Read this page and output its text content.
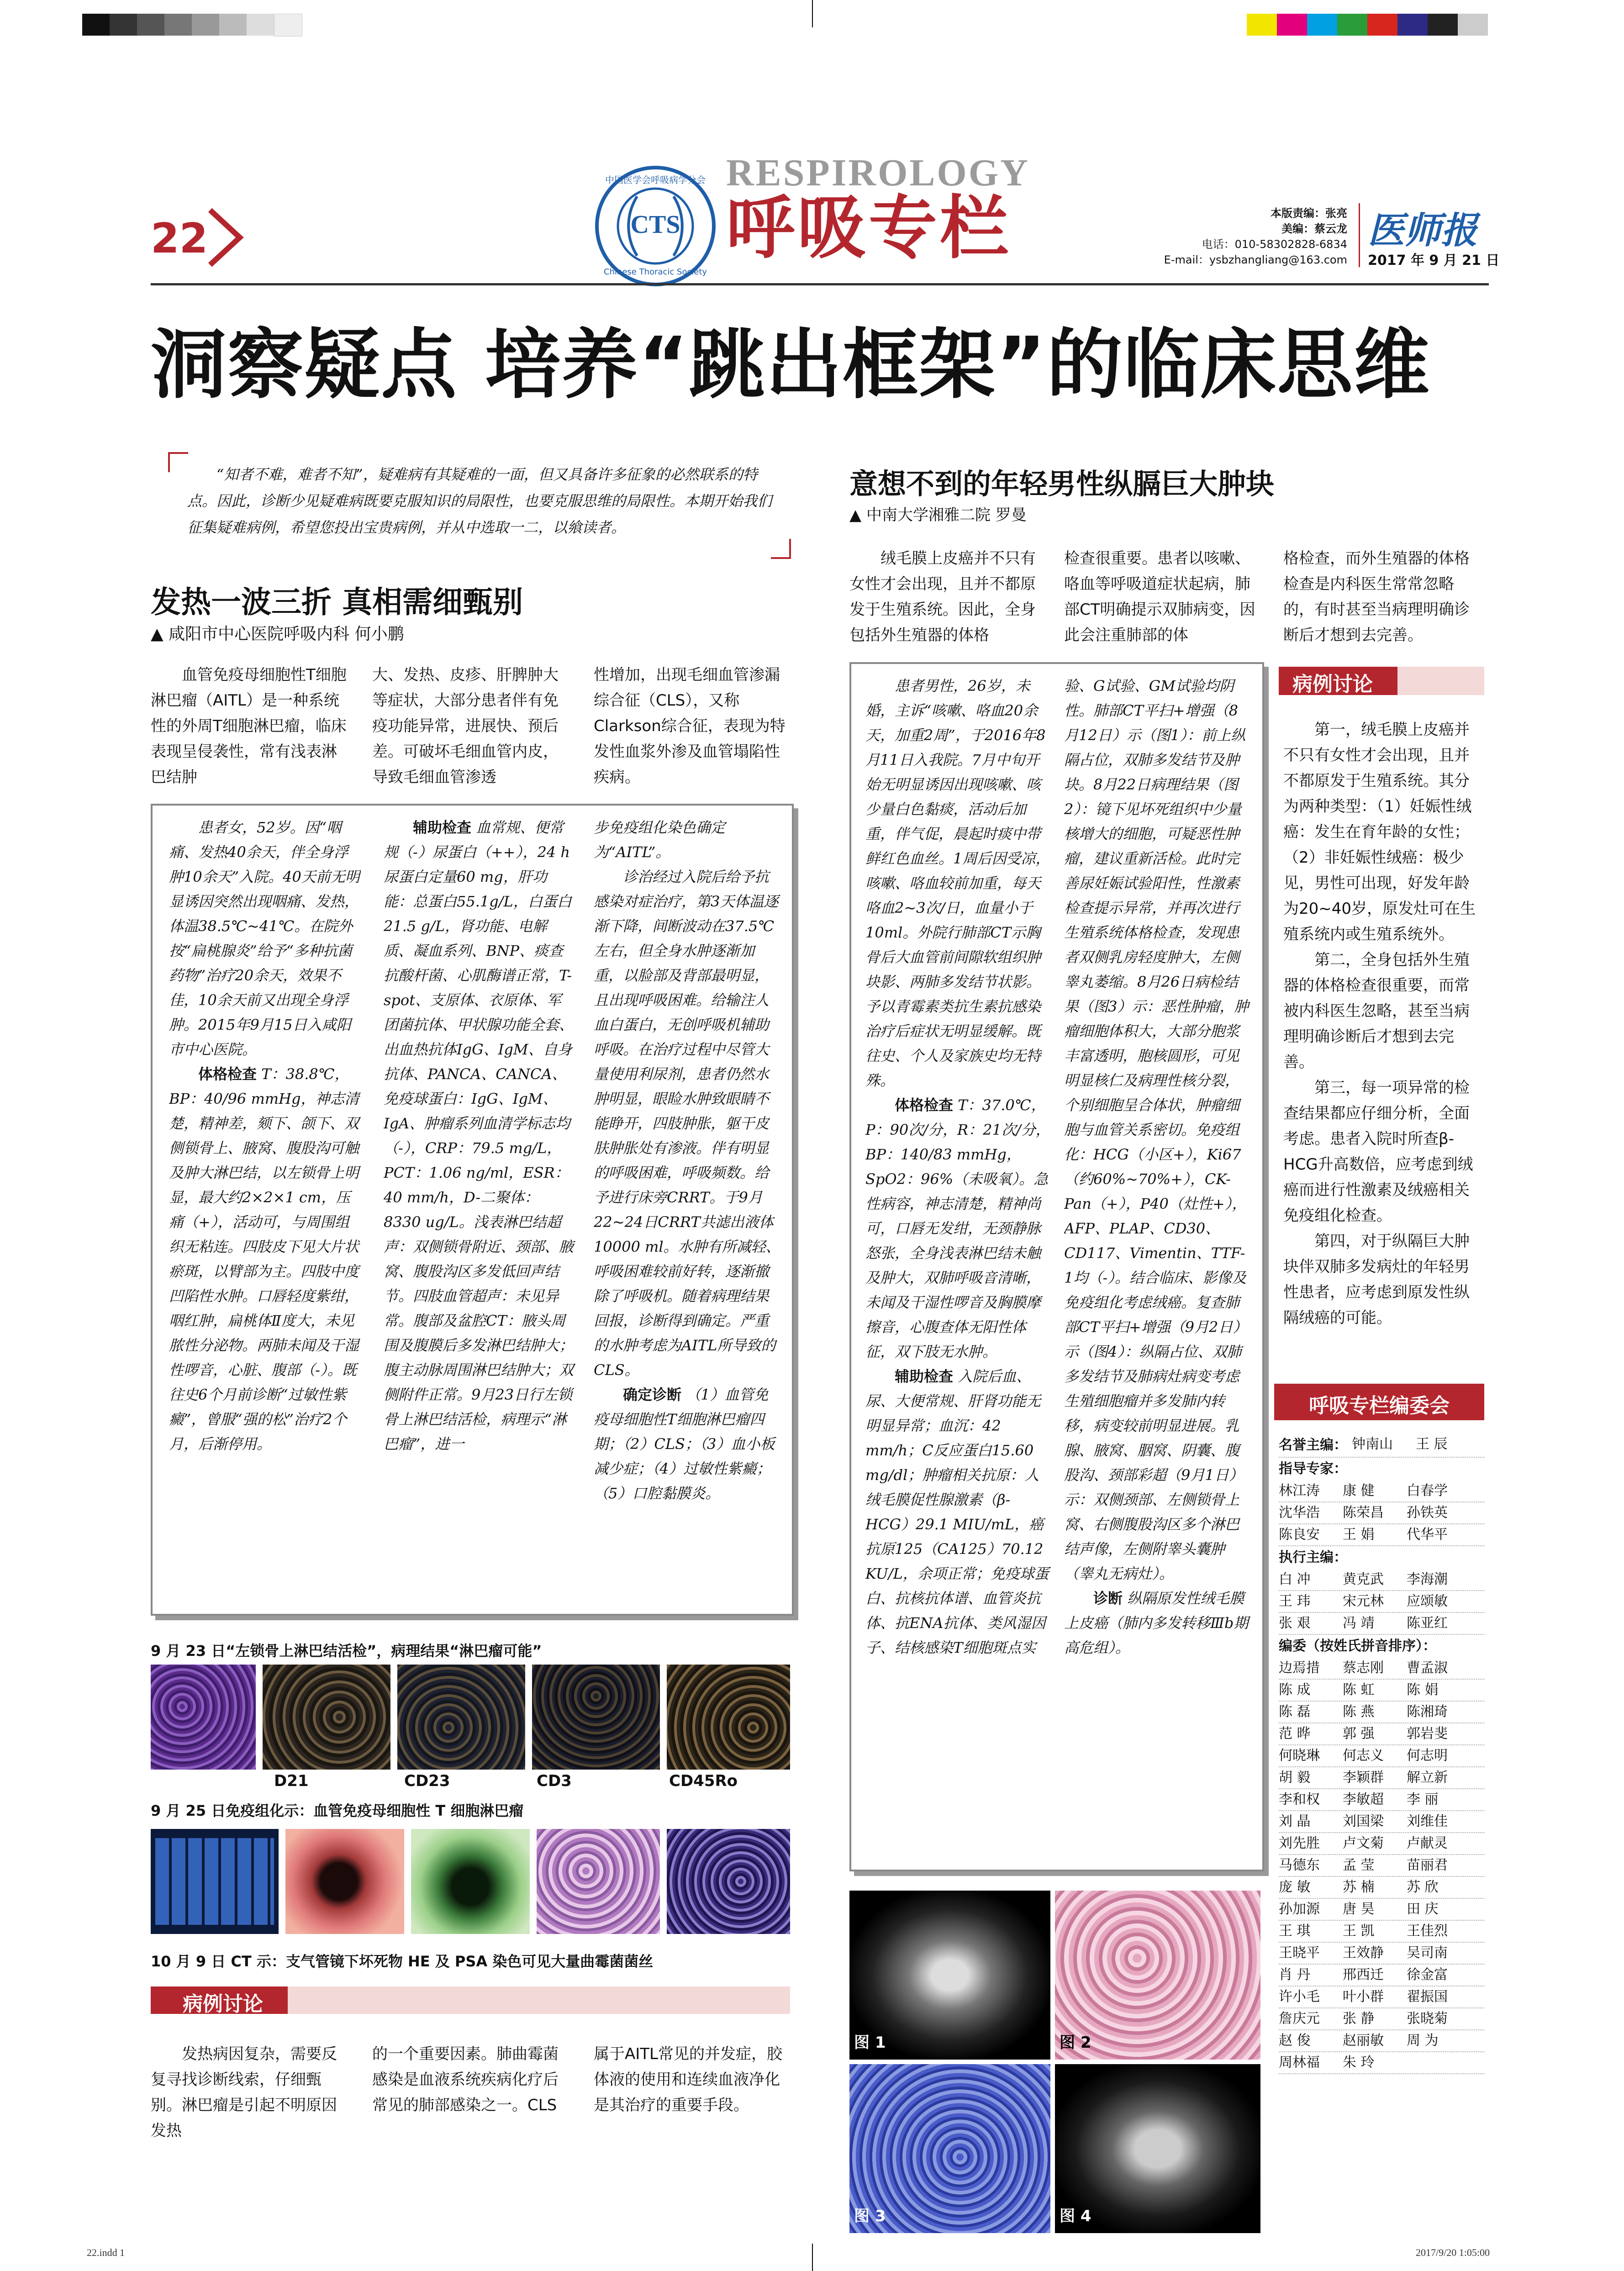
22	CTS
中国医学会呼吸病学分会
Chinese Thoracic Society
RESPIROLOGY
呼吸专栏	本版责编：张亮
美编：蔡云龙
电话：010-58302828-6834
E-mail：ysbzhangliang@163.com
医师报
2017 年 9 月 21 日
洞察疑点 培养“跳出框架”的临床思维
“知者不难，难者不知”，疑难病有其疑难的一面，但又具备许多征象的必然联系的特点。因此，诊断少见疑难病既要克服知识的局限性，也要克服思维的局限性。本期开始我们征集疑难病例，希望您投出宝贵病例，并从中选取一二，以飨读者。
发热一波三折 真相需细甄别
▲ 咸阳市中心医院呼吸内科 何小鹏

血管免疫母细胞性T细胞淋巴瘤（AITL）是一种系统性的外周T细胞淋巴瘤，临床表现呈侵袭性，常有浅表淋巴结肿

大、发热、皮疹、肝脾肿大等症状，大部分患者伴有免疫功能异常，进展快、预后差。可破坏毛细血管内皮，导致毛细血管渗透

性增加，出现毛细血管渗漏综合征（CLS），又称Clarkson综合征，表现为特发性血浆外渗及血管塌陷性疾病。

患者女，52岁。因“咽痛、发热40余天，伴全身浮肿10余天”入院。40天前无明显诱因突然出现咽痛、发热，体温38.5℃~41℃。在院外按“扁桃腺炎”给予“多种抗菌药物”治疗20余天，效果不佳，10余天前又出现全身浮肿。2015年9月15日入咸阳市中心医院。

体格检查 T：38.8℃，BP：40/96 mmHg，神志清楚，精神差，颏下、颌下、双侧锁骨上、腋窝、腹股沟可触及肿大淋巴结，以左锁骨上明显，最大约2×2×1 cm，压痛（+），活动可，与周围组织无粘连。四肢皮下见大片状瘀斑，以臂部为主。四肢中度凹陷性水肿。口唇轻度紫绀，咽红肿，扁桃体Ⅱ度大，未见脓性分泌物。两肺未闻及干湿性啰音，心脏、腹部（-）。既往史6个月前诊断“过敏性紫癜”，曾服“强的松”治疗2个月，后渐停用。

辅助检查 血常规、便常规（-）尿蛋白（++），24 h尿蛋白定量60 mg，肝功能：总蛋白55.1g/L，白蛋白21.5 g/L，肾功能、电解质、凝血系列、BNP、痰查抗酸杆菌、心肌酶谱正常，T-spot、支原体、衣原体、军团菌抗体、甲状腺功能全套、出血热抗体IgG、IgM、自身抗体、PANCA、CANCA、免疫球蛋白：IgG、IgM、IgA、肿瘤系列血清学标志均（-），CRP：79.5 mg/L，PCT：1.06 ng/ml，ESR：40 mm/h，D-二聚体：8330 ug/L。浅表淋巴结超声：双侧锁骨附近、颈部、腋窝、腹股沟区多发低回声结节。四肢血管超声：未见异常。腹部及盆腔CT：腋头周围及腹膜后多发淋巴结肿大；腹主动脉周围淋巴结肿大；双侧附件正常。9月23日行左锁骨上淋巴结活检，病理示“淋巴瘤”，进一

步免疫组化染色确定为“AITL”。

诊治经过入院后给予抗感染对症治疗，第3天体温逐渐下降，间断波动在37.5℃左右，但全身水肿逐渐加重，以脸部及背部最明显，且出现呼吸困难。给输注人血白蛋白，无创呼吸机辅助呼吸。在治疗过程中尽管大量使用利尿剂，患者仍然水肿明显，眼睑水肿致眼睛不能睁开，四肢肿胀，躯干皮肤肿胀处有渗液。伴有明显的呼吸困难，呼吸频数。给予进行床旁CRRT。于9月22~24日CRRT共滤出液体10000 ml。水肿有所减轻、呼吸困难较前好转，逐渐撤除了呼吸机。随着病理结果回报，诊断得到确定。严重的水肿考虑为AITL所导致的CLS。

确定诊断 （1）血管免疫母细胞性T细胞淋巴瘤四期；（2）CLS；（3）血小板减少症；（4）过敏性紫癜；（5）口腔黏膜炎。

9 月 23 日“左锁骨上淋巴结活检”，病理结果“淋巴瘤可能”
D21	CD23	CD3	CD45Ro
9 月 25 日免疫组化示：血管免疫母细胞性 T 细胞淋巴瘤
10 月 9 日 CT 示：支气管镜下坏死物 HE 及 PSA 染色可见大量曲霉菌菌丝
病例讨论

发热病因复杂，需要反复寻找诊断线索，仔细甄别。淋巴瘤是引起不明原因发热

的一个重要因素。肺曲霉菌感染是血液系统疾病化疗后常见的肺部感染之一。CLS

属于AITL常见的并发症，胶体液的使用和连续血液净化是其治疗的重要手段。

意想不到的年轻男性纵膈巨大肿块
▲ 中南大学湘雅二院 罗曼

绒毛膜上皮癌并不只有女性才会出现，且并不都原发于生殖系统。因此，全身包括外生殖器的体格

检查很重要。患者以咳嗽、咯血等呼吸道症状起病，肺部CT明确提示双肺病变，因此会注重肺部的体

格检查，而外生殖器的体格检查是内科医生常常忽略的，有时甚至当病理明确诊断后才想到去完善。

患者男性，26岁，未婚，主诉“咳嗽、咯血20余天，加重2周”，于2016年8月11日入我院。7月中旬开始无明显诱因出现咳嗽、咳少量白色黏痰，活动后加重，伴气促，晨起时痰中带鲜红色血丝。1周后因受凉，咳嗽、咯血较前加重，每天咯血2~3次/日，血量小于10ml。外院行肺部CT示胸骨后大血管前间隙软组织肿块影、两肺多发结节状影。予以青霉素类抗生素抗感染治疗后症状无明显缓解。既往史、个人及家族史均无特殊。

体格检查 T：37.0℃，P：90次/分，R：21次/分，BP：140/83 mmHg，SpO2：96%（未吸氧）。急性病容，神志清楚，精神尚可，口唇无发绀，无颈静脉怒张，全身浅表淋巴结未触及肿大，双肺呼吸音清晰，未闻及干湿性啰音及胸膜摩擦音，心腹查体无阳性体征，双下肢无水肿。

辅助检查 入院后血、尿、大便常规、肝肾功能无明显异常；血沉：42 mm/h；C反应蛋白15.60 mg/dl；肿瘤相关抗原：人绒毛膜促性腺激素（β-HCG）29.1 MIU/mL，癌抗原125（CA125）70.12 KU/L，余项正常；免疫球蛋白、抗核抗体谱、血管炎抗体、抗ENA抗体、类风湿因子、结核感染T细胞斑点实

验、G试验、GM试验均阴性。肺部CT平扫+增强（8月12日）示（图1）：前上纵隔占位，双肺多发结节及肿块。8月22日病理结果（图2）：镜下见坏死组织中少量核增大的细胞，可疑恶性肿瘤，建议重新活检。此时完善尿妊娠试验阳性，性激素检查提示异常，并再次进行生殖系统体格检查，发现患者双侧乳房轻度肿大，左侧睾丸萎缩。8月26日病检结果（图3）示：恶性肿瘤，肿瘤细胞体积大，大部分胞浆丰富透明，胞核圆形，可见明显核仁及病理性核分裂，个别细胞呈合体状，肿瘤细胞与血管关系密切。免疫组化：HCG（小区+），Ki67（约60%~70%+），CK-Pan（+），P40（灶性+），AFP、PLAP、CD30、CD117、Vimentin、TTF-1均（-）。结合临床、影像及免疫组化考虑绒癌。复查肺部CT平扫+增强（9月2日）示（图4）：纵隔占位、双肺多发结节及肺病灶病变考虑生殖细胞瘤并多发肺内转移，病变较前明显进展。乳腺、腋窝、胭窝、阴囊、腹股沟、颈部彩超（9月1日）示：双侧颈部、左侧锁骨上窝、右侧腹股沟区多个淋巴结声像，左侧附睾头囊肿（睾丸无病灶）。

诊断 纵隔原发性绒毛膜上皮癌（肺内多发转移Ⅲb期高危组）。

图 1	图 2
图 3	图 4
病例讨论

第一，绒毛膜上皮癌并不只有女性才会出现，且并不都原发于生殖系统。其分为两种类型：（1）妊娠性绒癌：发生在育年龄的女性；（2）非妊娠性绒癌：极少见，男性可出现，好发年龄为20~40岁，原发灶可在生殖系统内或生殖系统外。

第二，全身包括外生殖器的体格检查很重要，而常被内科医生忽略，甚至当病理明确诊断后才想到去完善。

第三，每一项异常的检查结果都应仔细分析，全面考虑。患者入院时所查β-HCG升高数倍，应考虑到绒癌而进行性激素及绒癌相关免疫组化检查。

第四，对于纵隔巨大肿块伴双肺多发病灶的年轻男性患者，应考虑到原发性纵隔绒癌的可能。

呼吸专栏编委会
名誉主编： 钟南山	王 辰
指导专家：
林江涛	康 健	白春学
沈华浩	陈荣昌	孙铁英
陈良安	王 娟	代华平
执行主编：
白 冲	黄克武	李海潮
王 玮	宋元林	应颂敏
张 艰	冯 靖	陈亚红
编委（按姓氏拼音排序）：
边焉措	蔡志刚	曹孟淑
陈 成	陈 虹	陈 娟
陈 磊	陈 燕	陈湘琦
范 晔	郭 强	郭岩斐
何晓琳	何志义	何志明
胡 毅	李颖群	解立新
李和权	李敏超	李 丽
刘 晶	刘国梁	刘维佳
刘先胜	卢文菊	卢献灵
马德东	孟 莹	苗丽君
庞 敏	苏 楠	苏 欣
孙加源	唐 昊	田 庆
王 琪	王 凯	王佳烈
王晓平	王效静	吴司南
肖 丹	邢西迁	徐金富
许小毛	叶小群	翟振国
詹庆元	张 静	张晓菊
赵 俊	赵丽敏	周 为
周林福	朱 玲
22.indd 1	2017/9/20 1:05:00
